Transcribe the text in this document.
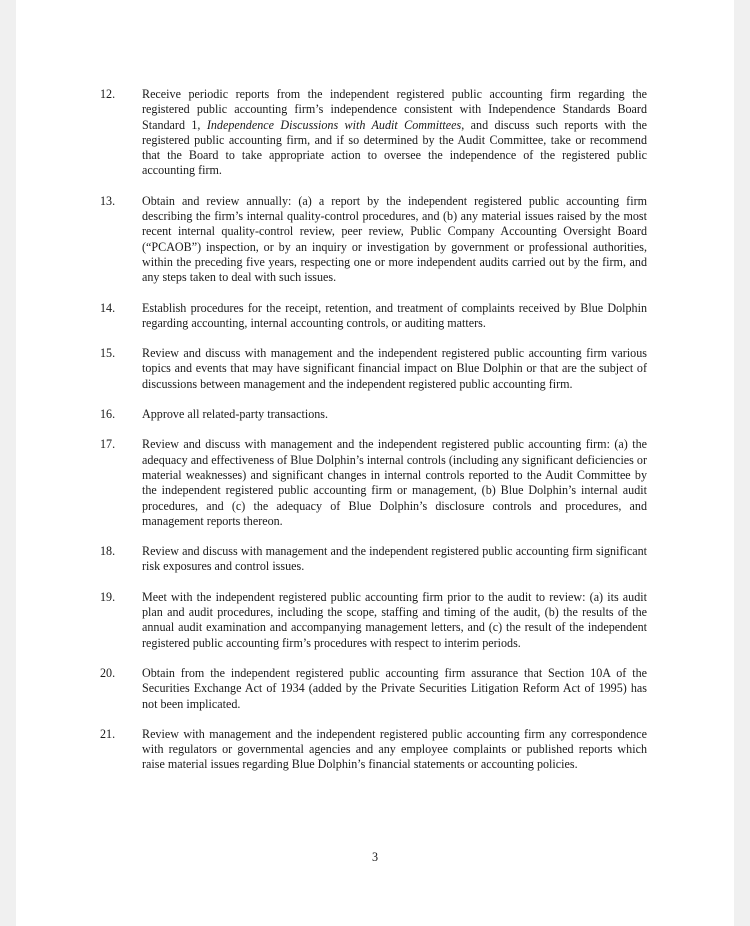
12. Receive periodic reports from the independent registered public accounting firm regarding the registered public accounting firm’s independence consistent with Independence Standards Board Standard 1, Independence Discussions with Audit Committees, and discuss such reports with the registered public accounting firm, and if so determined by the Audit Committee, take or recommend that the Board to take appropriate action to oversee the independence of the registered public accounting firm.
13. Obtain and review annually: (a) a report by the independent registered public accounting firm describing the firm’s internal quality-control procedures, and (b) any material issues raised by the most recent internal quality-control review, peer review, Public Company Accounting Oversight Board (“PCAOB”) inspection, or by an inquiry or investigation by government or professional authorities, within the preceding five years, respecting one or more independent audits carried out by the firm, and any steps taken to deal with such issues.
14. Establish procedures for the receipt, retention, and treatment of complaints received by Blue Dolphin regarding accounting, internal accounting controls, or auditing matters.
15. Review and discuss with management and the independent registered public accounting firm various topics and events that may have significant financial impact on Blue Dolphin or that are the subject of discussions between management and the independent registered public accounting firm.
16. Approve all related-party transactions.
17. Review and discuss with management and the independent registered public accounting firm: (a) the adequacy and effectiveness of Blue Dolphin’s internal controls (including any significant deficiencies or material weaknesses) and significant changes in internal controls reported to the Audit Committee by the independent registered public accounting firm or management, (b) Blue Dolphin’s internal audit procedures, and (c) the adequacy of Blue Dolphin’s disclosure controls and procedures, and management reports thereon.
18. Review and discuss with management and the independent registered public accounting firm significant risk exposures and control issues.
19. Meet with the independent registered public accounting firm prior to the audit to review: (a) its audit plan and audit procedures, including the scope, staffing and timing of the audit, (b) the results of the annual audit examination and accompanying management letters, and (c) the result of the independent registered public accounting firm’s procedures with respect to interim periods.
20. Obtain from the independent registered public accounting firm assurance that Section 10A of the Securities Exchange Act of 1934 (added by the Private Securities Litigation Reform Act of 1995) has not been implicated.
21. Review with management and the independent registered public accounting firm any correspondence with regulators or governmental agencies and any employee complaints or published reports which raise material issues regarding Blue Dolphin’s financial statements or accounting policies.
3
